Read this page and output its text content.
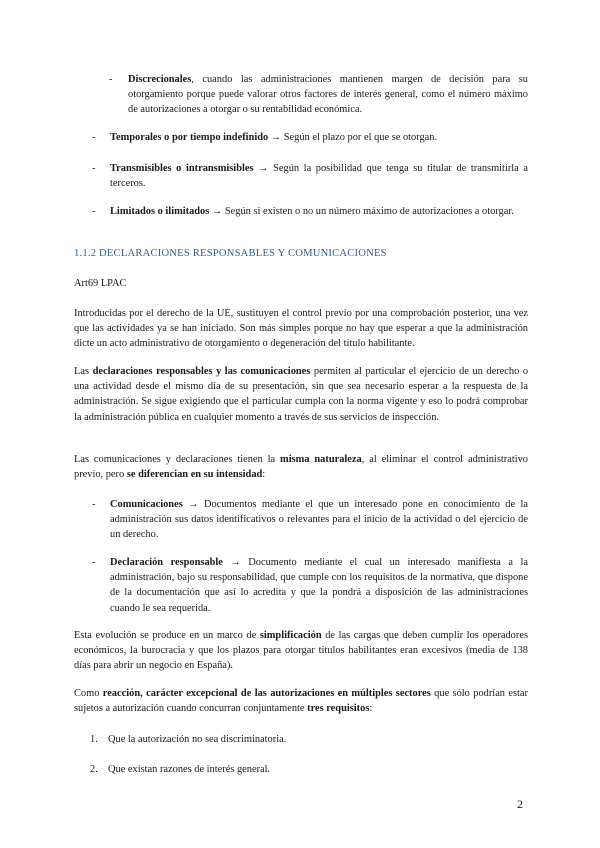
- Discrecionales, cuando las administraciones mantienen margen de decisión para su otorgamiento porque puede valorar otros factores de interés general, como el número máximo de autorizaciones a otorgar o su rentabilidad económica.
- Temporales o por tiempo indefinido → Según el plazo por el que se otorgan.
- Transmisibles o intransmisibles → Según la posibilidad que tenga su titular de transmitirla a terceros.
- Limitados o ilimitados → Según si existen o no un número máximo de autorizaciones a otorgar.
1.1.2 DECLARACIONES RESPONSABLES Y COMUNICACIONES

Art69 LPAC

Introducidas por el derecho de la UE, sustituyen el control previo por una comprobación posterior, una vez que las actividades ya se han iniciado. Son más simples porque no hay que esperar a que la administración dicte un acto administrativo de otorgamiento o degeneración del título habilitante.

Las declaraciones responsables y las comunicaciones permiten al particular el ejercicio de un derecho o una actividad desde el mismo día de su presentación, sin que sea necesario esperar a la respuesta de la administración. Se sigue exigiendo que el particular cumpla con la norma vigente y eso lo podrá comprobar la administración pública en cualquier momento a través de sus servicios de inspección.

Las comunicaciones y declaraciones tienen la misma naturaleza, al eliminar el control administrativo previo, pero se diferencian en su intensidad:

- Comunicaciones → Documentos mediante el que un interesado pone en conocimiento de la administración sus datos identificativos o relevantes para el inicio de la actividad o del ejercicio de un derecho.
- Declaración responsable → Documento mediante el cual un interesado manifiesta a la administración, bajo su responsabilidad, que cumple con los requisitos de la normativa, que dispone de la documentación que así lo acredita y que la pondrá a disposición de las administraciones cuando le sea requerida.

Esta evolución se produce en un marco de simplificación de las cargas que deben cumplir los operadores económicos, la burocracia y que los plazos para otorgar títulos habilitantes eran excesivos (media de 138 días para abrir un negocio en España).

Como reacción, carácter excepcional de las autorizaciones en múltiples sectores que sólo podrían estar sujetos a autorización cuando concurran conjuntamente tres requisitos:

1. Que la autorización no sea discriminatoria.
2. Que existan razones de interés general.
2
